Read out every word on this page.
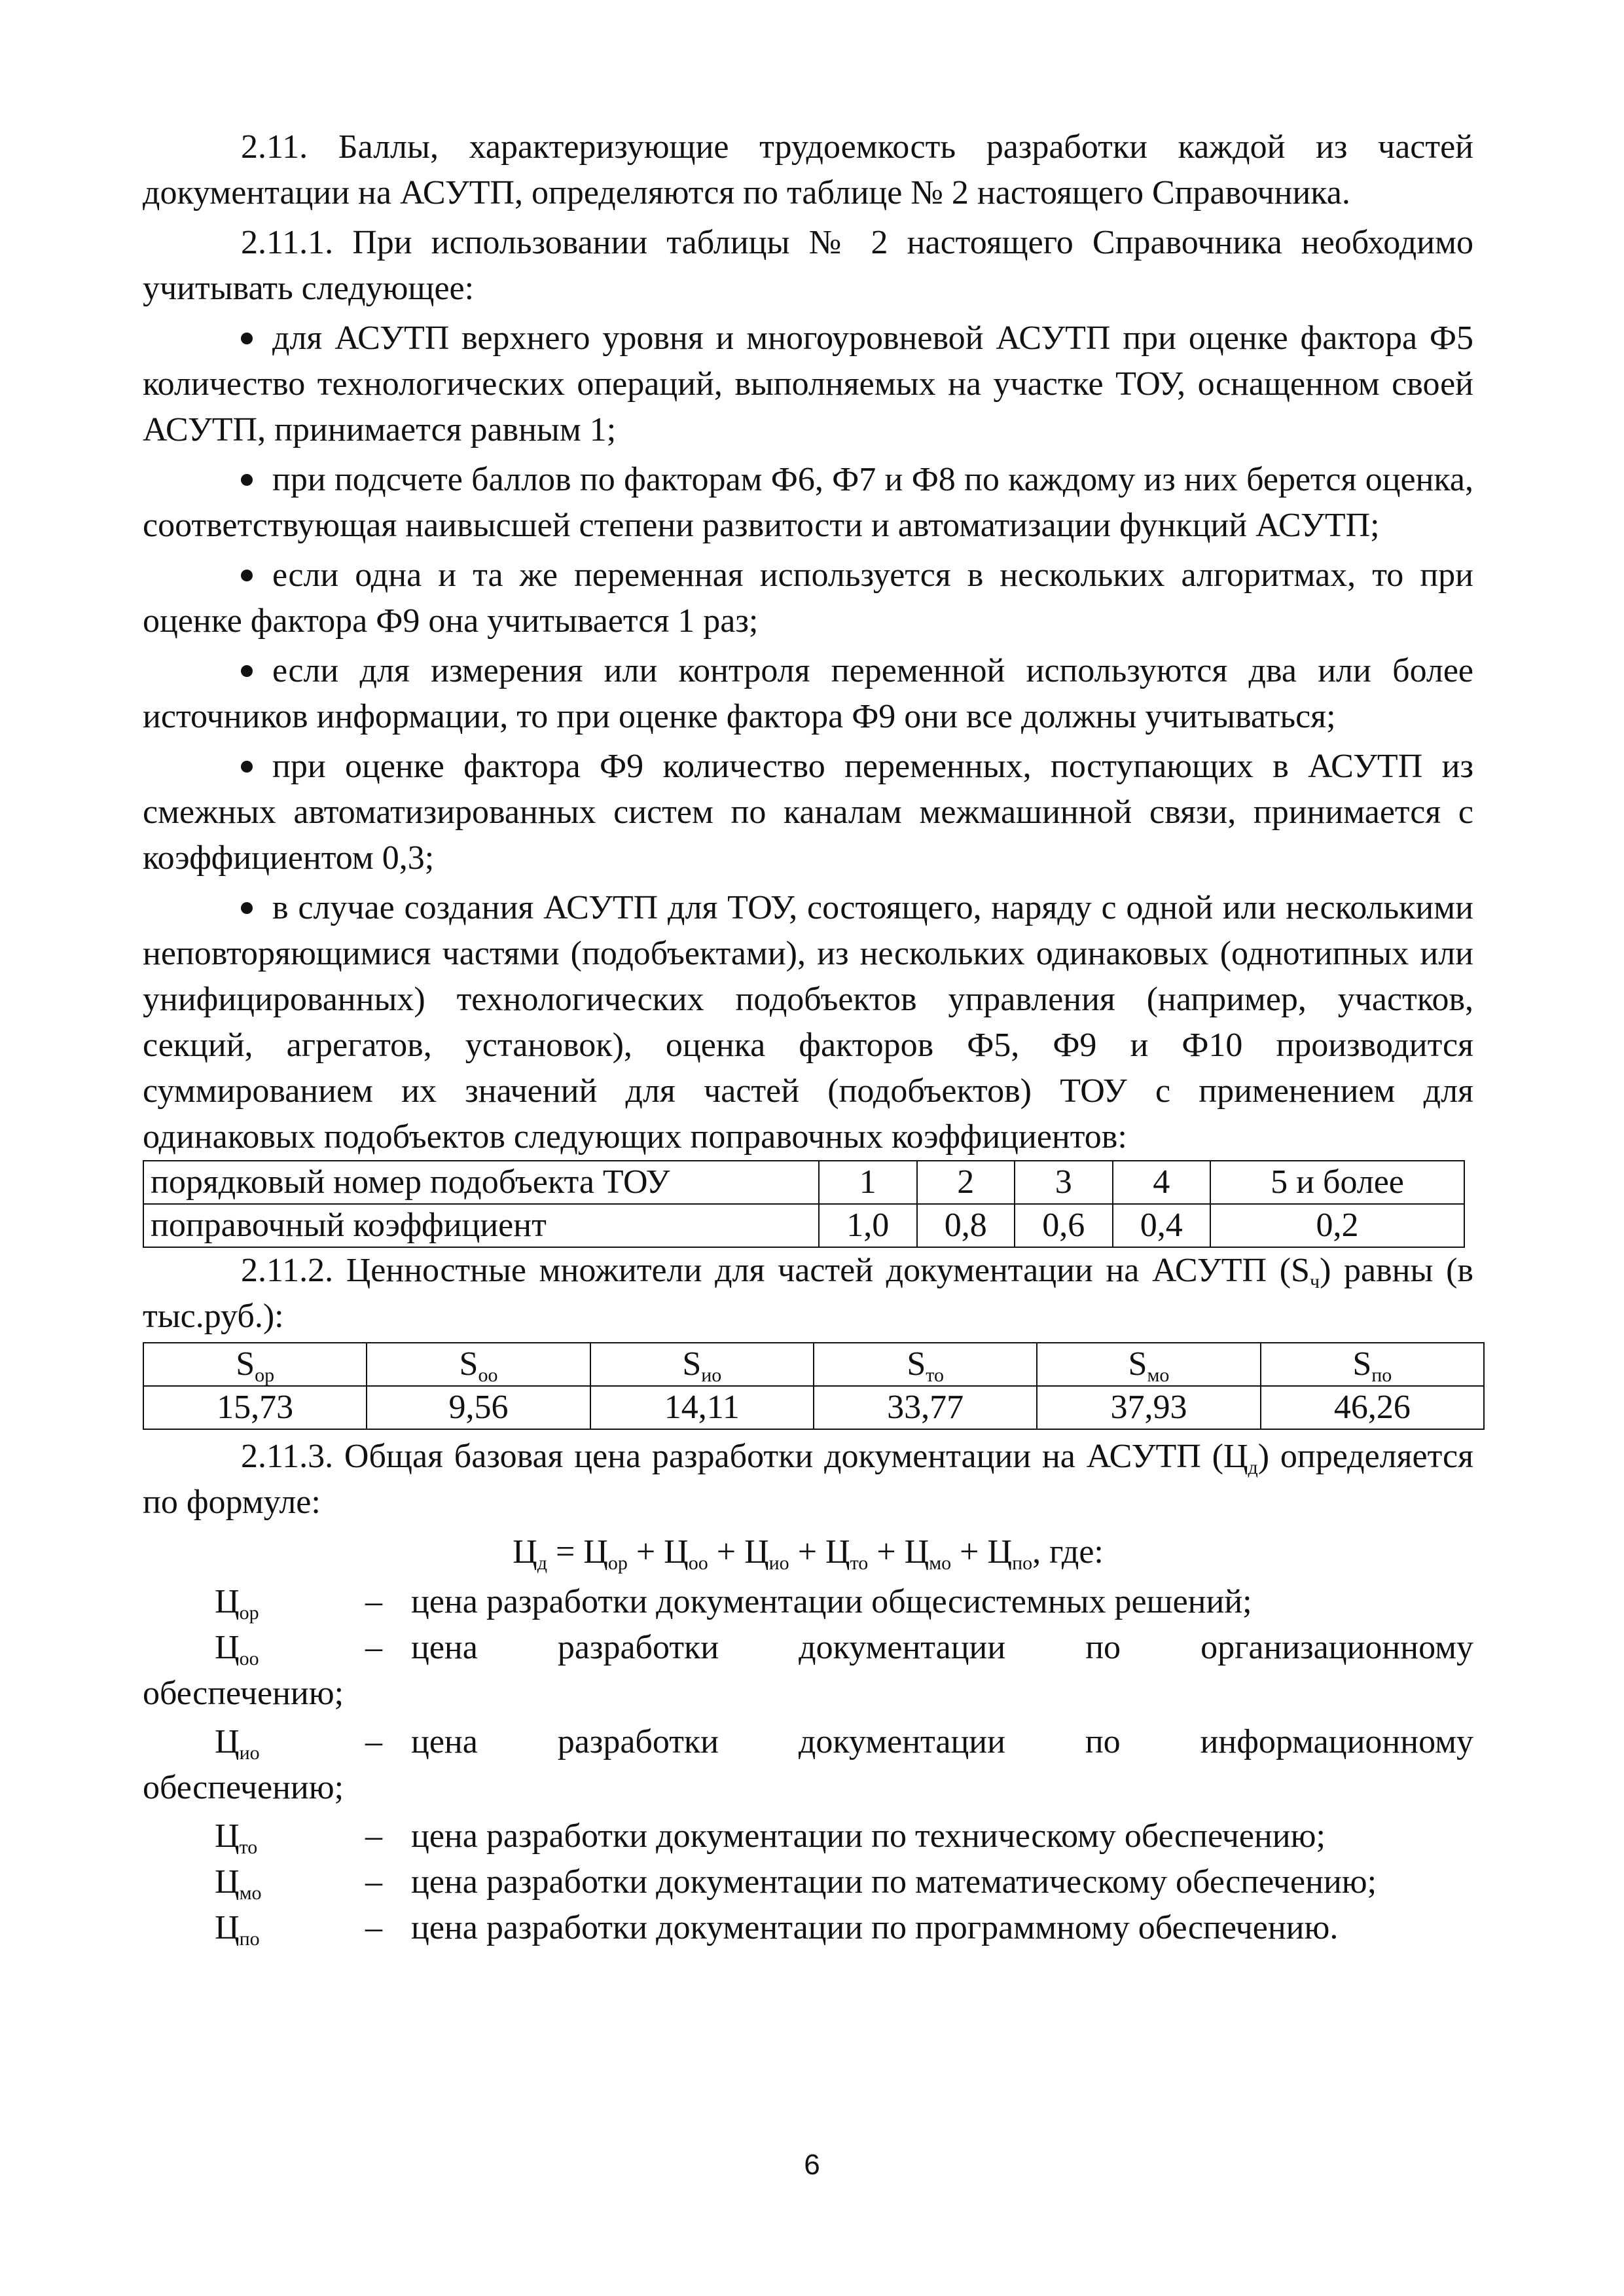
2.11. Баллы, характеризующие трудоемкость разработки каждой из частей документации на АСУТП, определяются по таблице № 2 настоящего Справочника.

2.11.1. При использовании таблицы № 2 настоящего Справочника необходимо учитывать следующее:

для АСУТП верхнего уровня и многоуровневой АСУТП при оценке фактора Ф5 количество технологических операций, выполняемых на участке ТОУ, оснащенном своей АСУТП, принимается равным 1;

при подсчете баллов по факторам Ф6, Ф7 и Ф8 по каждому из них берется оценка, соответствующая наивысшей степени развитости и автоматизации функций АСУТП;

если одна и та же переменная используется в нескольких алгоритмах, то при оценке фактора Ф9 она учитывается 1 раз;

если для измерения или контроля переменной используются два или более источников информации, то при оценке фактора Ф9 они все должны учитываться;

при оценке фактора Ф9 количество переменных, поступающих в АСУТП из смежных автоматизированных систем по каналам межмашинной связи, принимается с коэффициентом 0,3;

в случае создания АСУТП для ТОУ, состоящего, наряду с одной или несколькими неповторяющимися частями (подобъектами), из нескольких одинаковых (однотипных или унифицированных) технологических подобъектов управления (например, участков, секций, агрегатов, установок), оценка факторов Ф5, Ф9 и Ф10 производится суммированием их значений для частей (подобъектов) ТОУ с применением для одинаковых подобъектов следующих поправочных коэффициентов:

порядковый номер подобъекта ТОУ	1	2	3	4	5 и более
поправочный коэффициент	1,0	0,8	0,6	0,4	0,2

2.11.2. Ценностные множители для частей документации на АСУТП $(S_ч)$ равны (в тыс.руб.):

$S_{ор}$	$S_{оо}$	$S_{ио}$	$S_{то}$	$S_{мо}$	$S_{по}$
15,73	9,56	14,11	33,77	37,93	46,26

2.11.3. Общая базовая цена разработки документации на АСУТП $(Ц_д)$ определяется по формуле:

$Ц_д = Ц_{ор} + Ц_{оо} + Ц_{ио} + Ц_{то} + Ц_{мо} + Ц_{по}$, где:

$Ц_{ор}$	– цена разработки документации общесистемных решений;
$Ц_{оо}$	– цена разработки документации по организационному

обеспечению;

$Ц_{ио}$	– цена разработки документации по информационному

обеспечению;

$Ц_{то}$	– цена разработки документации по техническому обеспечению;
$Ц_{мо}$	– цена разработки документации по математическому обеспечению;
$Ц_{по}$	– цена разработки документации по программному обеспечению.
6
